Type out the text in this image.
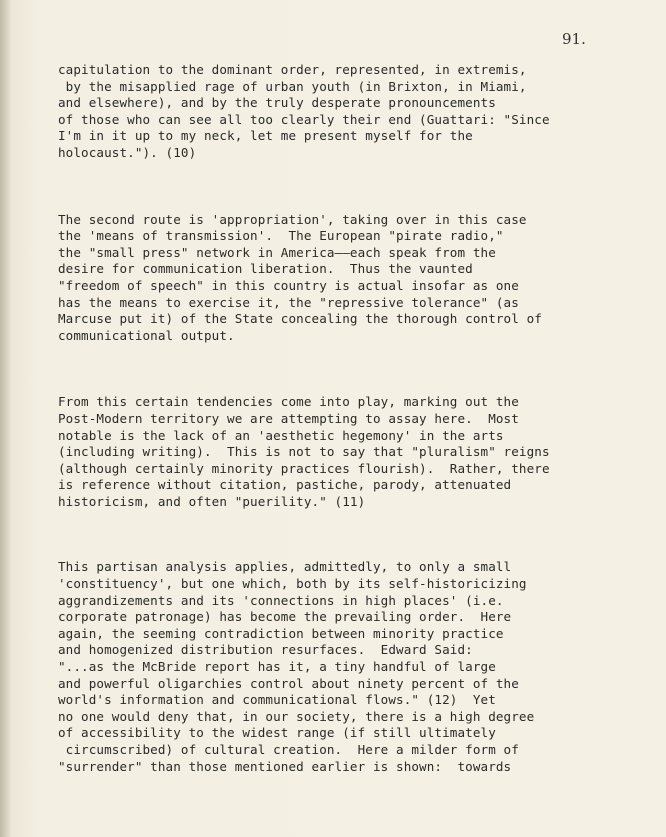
91.
capitulation to the dominant order, represented, in extremis,
by the misapplied rage of urban youth (in Brixton, in Miami,
and elsewhere), and by the truly desperate pronouncements
of those who can see all too clearly their end (Guattari: "Since
I'm in it up to my neck, let me present myself for the
holocaust."). (10)
The second route is 'appropriation', taking over in this case
the 'means of transmission'.  The European "pirate radio,"
the "small press" network in America——each speak from the
desire for communication liberation.  Thus the vaunted
"freedom of speech" in this country is actual insofar as one
has the means to exercise it, the "repressive tolerance" (as
Marcuse put it) of the State concealing the thorough control of
communicational output.
From this certain tendencies come into play, marking out the
Post-Modern territory we are attempting to assay here.  Most
notable is the lack of an 'aesthetic hegemony' in the arts
(including writing).  This is not to say that "pluralism" reigns
(although certainly minority practices flourish).  Rather, there
is reference without citation, pastiche, parody, attenuated
historicism, and often "puerility." (11)
This partisan analysis applies, admittedly, to only a small
'constituency', but one which, both by its self-historicizing
aggrandizements and its 'connections in high places' (i.e.
corporate patronage) has become the prevailing order.  Here
again, the seeming contradiction between minority practice
and homogenized distribution resurfaces.  Edward Said:
"...as the McBride report has it, a tiny handful of large
and powerful oligarchies control about ninety percent of the
world's information and communicational flows." (12)  Yet
no one would deny that, in our society, there is a high degree
of accessibility to the widest range (if still ultimately
circumscribed) of cultural creation.  Here a milder form of
"surrender" than those mentioned earlier is shown:  towards
